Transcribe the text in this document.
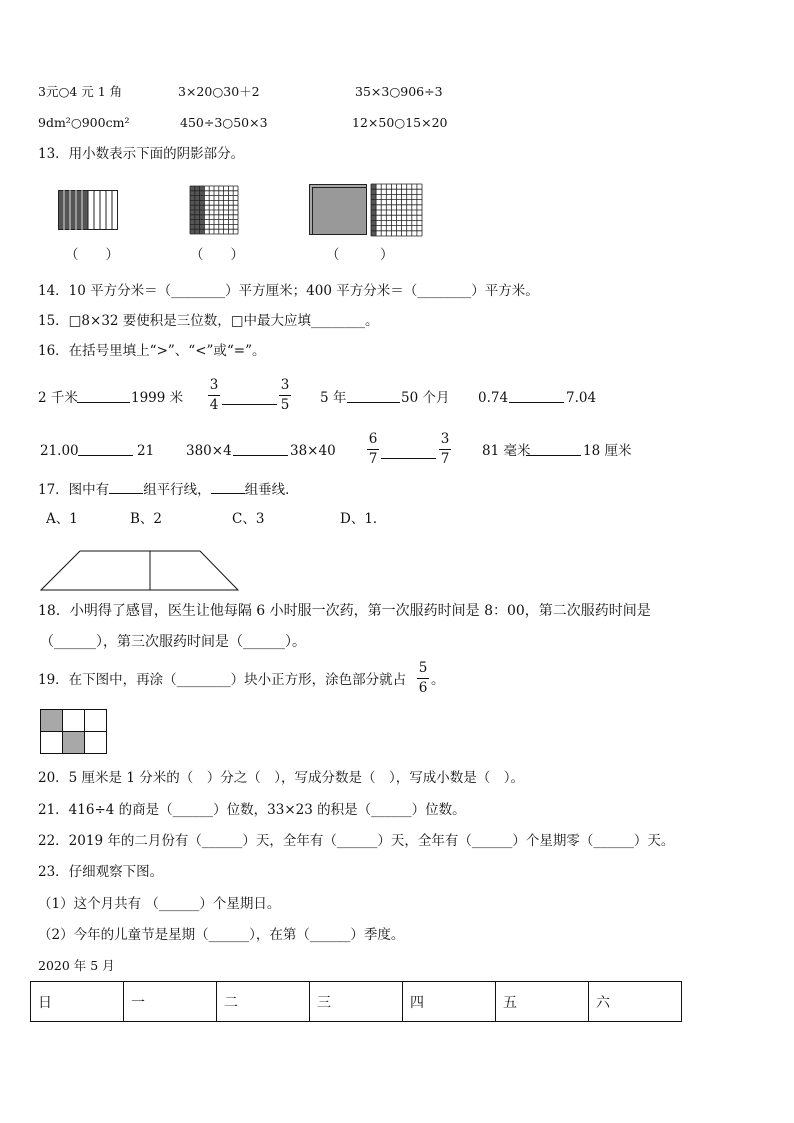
3元○4 元 1 角	3×20○30＋2	35×3○906÷3
9dm²○900cm²	450÷3○50×3	12×50○15×20
13．用小数表示下面的阴影部分。
（　　）	（　　）	（　　　）
14．10 平方分米＝（________）平方厘米；400 平方分米＝（________）平方米。
15．□8×32 要使积是三位数，□中最大应填________。
16．在括号里填上“>”、“<”或“=”。
2 千米	1999 米
3
4
3
5 5 年	50 个月 0.74	7.04
21.00	21 380×4	38×40
6
7
3
7 81 毫米	18 厘米
17．图中有	组平行线，	组垂线．
A、1	B、2	C、3	D、1．
18．小明得了感冒，医生让他每隔 6 小时服一次药，第一次服药时间是 8：00，第二次服药时间是
（______），第三次服药时间是（______）。
19．在下图中，再涂（________）块小正方形，涂色部分就占
5
6 。
20．5 厘米是 1 分米的（　）分之（　），写成分数是（　），写成小数是（　）。
21．416÷4 的商是（______）位数，33×23 的积是（______）位数。
22．2019 年的二月份有（______）天，全年有（______）天，全年有（______）个星期零（______）天。
23．仔细观察下图。
（1）这个月共有 （______）个星期日。
（2）今年的儿童节是星期（______），在第（______）季度。
2020 年 5 月
日	一	二	三	四	五	六
